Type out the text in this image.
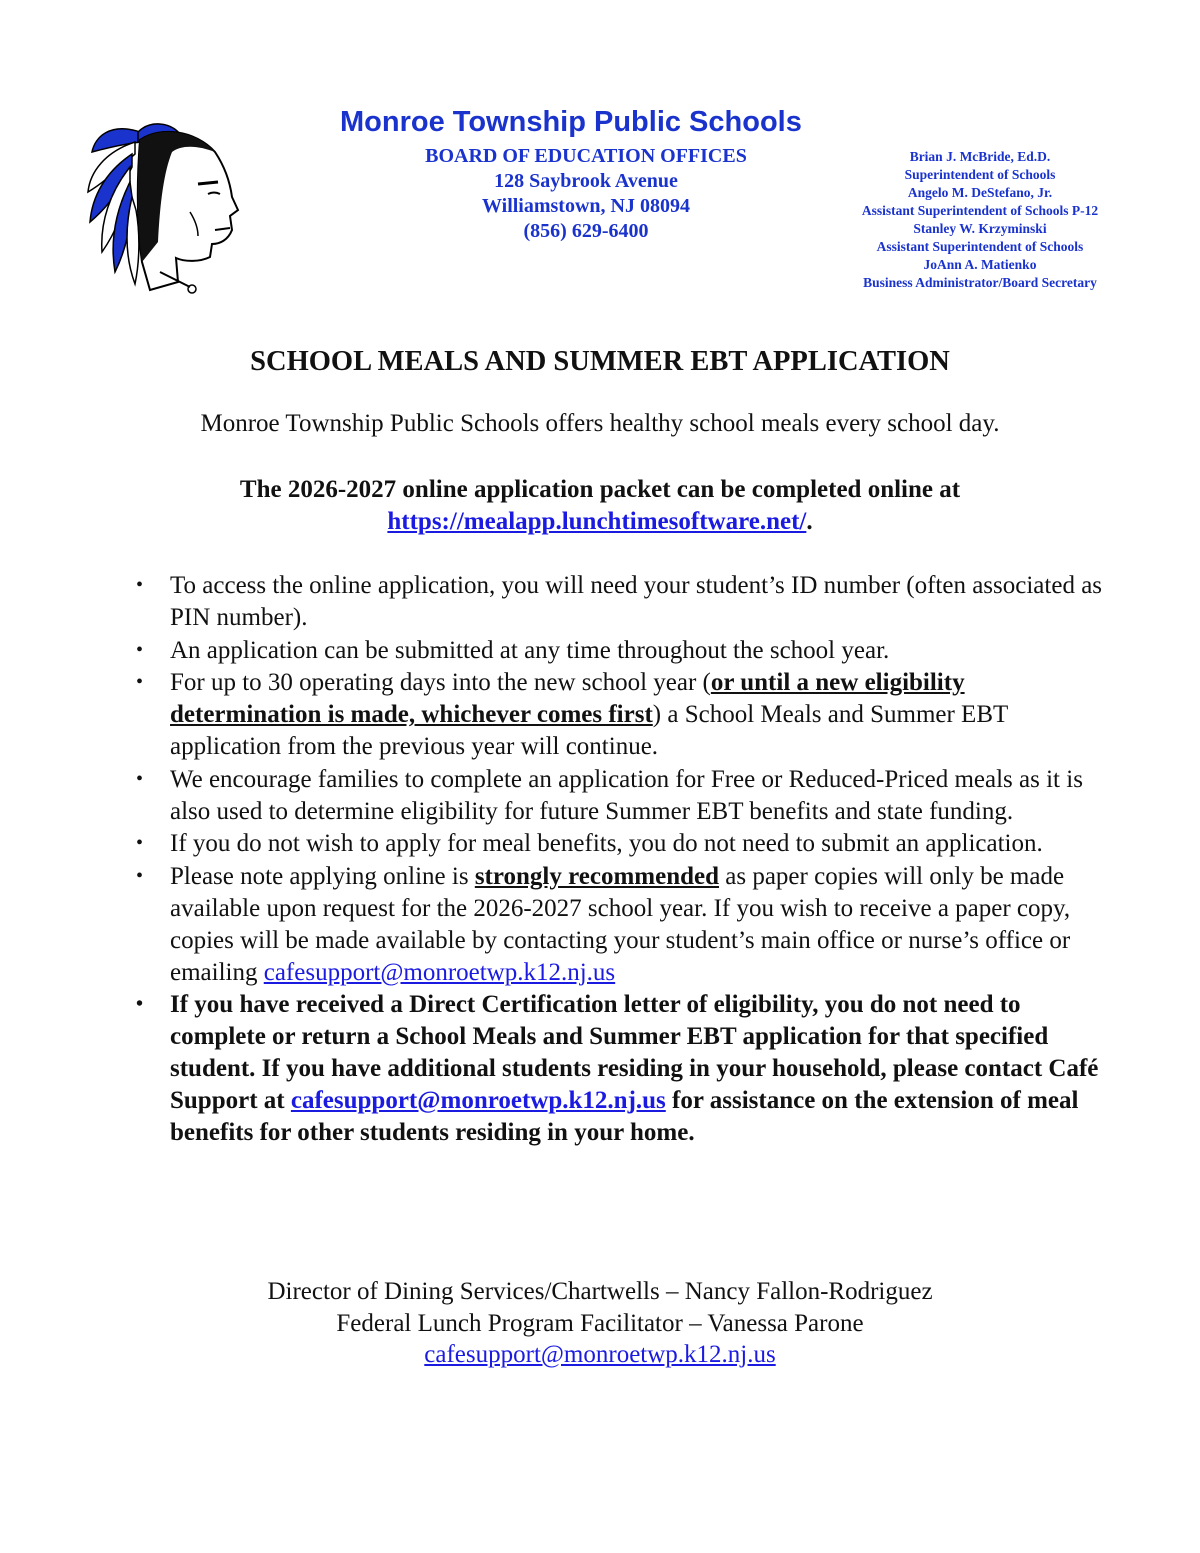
Monroe Township Public Schools
BOARD OF EDUCATION OFFICES
128 Saybrook Avenue
Williamstown, NJ 08094
(856) 629-6400
Brian J. McBride, Ed.D.
Superintendent of Schools
Angelo M. DeStefano, Jr.
Assistant Superintendent of Schools P-12
Stanley W. Krzyminski
Assistant Superintendent of Schools
JoAnn A. Matienko
Business Administrator/Board Secretary
SCHOOL MEALS AND SUMMER EBT APPLICATION
Monroe Township Public Schools offers healthy school meals every school day.
The 2026-2027 online application packet can be completed online at
https://mealapp.lunchtimesoftware.net/.
•	To access the online application, you will need your student’s ID number (often associated as PIN number).
•	An application can be submitted at any time throughout the school year.
•	For up to 30 operating days into the new school year (or until a new eligibility determination is made, whichever comes first) a School Meals and Summer EBT application from the previous year will continue.
•	We encourage families to complete an application for Free or Reduced-Priced meals as it is also used to determine eligibility for future Summer EBT benefits and state funding.
•	If you do not wish to apply for meal benefits, you do not need to submit an application.
•	Please note applying online is strongly recommended as paper copies will only be made available upon request for the 2026-2027 school year. If you wish to receive a paper copy, copies will be made available by contacting your student’s main office or nurse’s office or emailing cafesupport@monroetwp.k12.nj.us
•	If you have received a Direct Certification letter of eligibility, you do not need to complete or return a School Meals and Summer EBT application for that specified student. If you have additional students residing in your household, please contact Café Support at cafesupport@monroetwp.k12.nj.us for assistance on the extension of meal benefits for other students residing in your home.
Director of Dining Services/Chartwells – Nancy Fallon-Rodriguez
Federal Lunch Program Facilitator – Vanessa Parone
cafesupport@monroetwp.k12.nj.us
